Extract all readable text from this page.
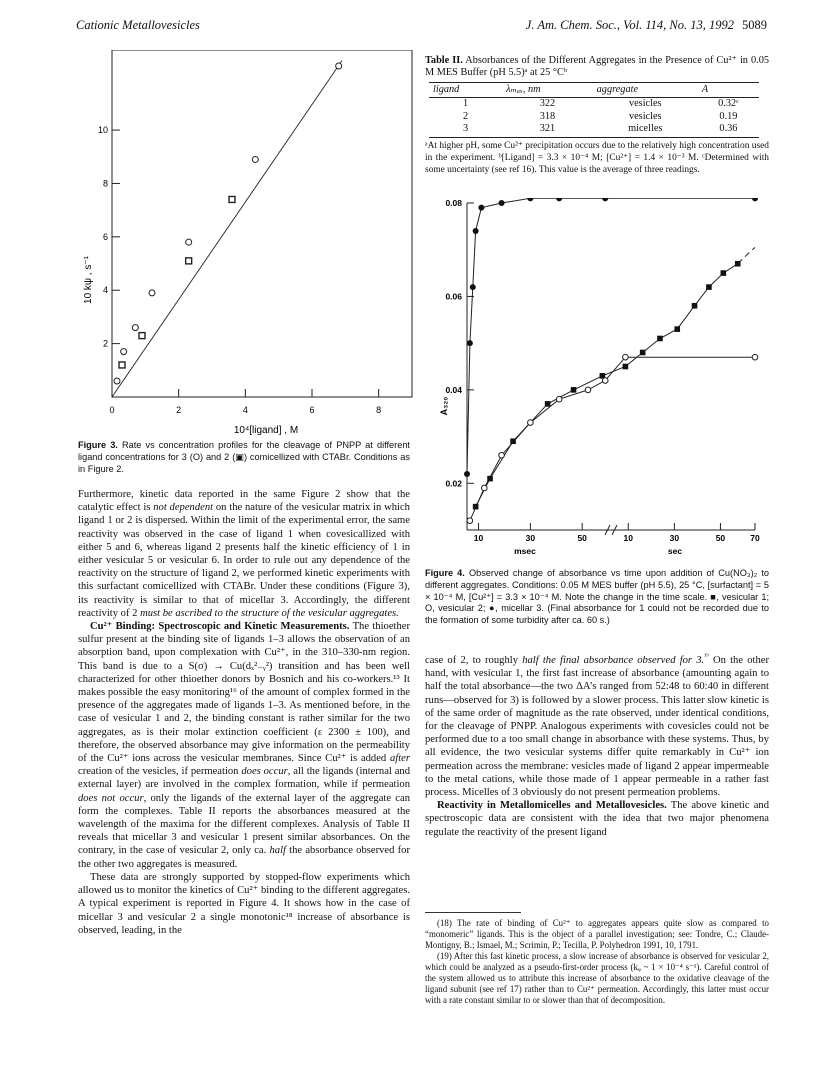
Cationic Metallovesicles	J. Am. Chem. Soc., Vol. 114, No. 13, 1992 5089
0	2	4	6	8
2
4
6
8
10
10 kψ , s⁻¹
10⁴[ligand] , M
Figure 3. Rate vs concentration profiles for the cleavage of PNPP at different ligand concentrations for 3 (O) and 2 (▣) comicellized with CTABr. Conditions as in Figure 2.

Furthermore, kinetic data reported in the same Figure 2 show that the catalytic effect is not dependent on the nature of the vesicular matrix in which ligand 1 or 2 is dispersed. Within the limit of the experimental error, the same reactivity was observed in the case of ligand 1 when covesicallized with either 5 and 6, whereas ligand 2 presents half the kinetic efficiency of 1 in either vesicular 5 or vesicular 6. In order to rule out any dependence of the reactivity on the structure of ligand 2, we performed kinetic experiments with this surfactant comicellized with CTABr. Under these conditions (Figure 3), its reactivity is similar to that of micellar 3. Accordingly, the different reactivity of 2 must be ascribed to the structure of the vesicular aggregates.

Cu²⁺ Binding: Spectroscopic and Kinetic Measurements. The thioether sulfur present at the binding site of ligands 1–3 allows the observation of an absorption band, upon complexation with Cu²⁺, in the 310–330-nm region. This band is due to a S(σ) → Cu(dₓ²₋ᵧ²) transition and has been well characterized for other thioether donors by Bosnich and his co-workers.¹³ It makes possible the easy monitoring¹⁶ of the amount of complex formed in the presence of the aggregates made of ligands 1–3. As mentioned before, in the case of vesicular 1 and 2, the binding constant is rather similar for the two aggregates, as is their molar extinction coefficient (ε 2300 ± 100), and therefore, the observed absorbance may give information on the permeability of the Cu²⁺ ions across the vesicular membranes. Since Cu²⁺ is added after creation of the vesicles, if permeation does occur, all the ligands (internal and external layer) are involved in the complex formation, while if permeation does not occur, only the ligands of the external layer of the aggregate can form the complexes. Table II reports the absorbances measured at the wavelength of the maxima for the different complexes. Analysis of Table II reveals that micellar 3 and vesicular 1 present similar absorbances. On the contrary, in the case of vesicular 2, only ca. half the absorbance observed for the other two aggregates is measured.

These data are strongly supported by stopped-flow experiments which allowed us to monitor the kinetics of Cu²⁺ binding to the different aggregates. A typical experiment is reported in Figure 4. It shows how in the case of micellar 3 and vesicular 2 a single monotonic¹⁸ increase of absorbance is observed, leading, in the

Table II. Absorbances of the Different Aggregates in the Presence of Cu²⁺ in 0.05 M MES Buffer (pH 5.5)ᵃ at 25 °Cᵇ
ligand	λₘₐₓ, nm	aggregate	A
1	322	vesicles	0.32ᶜ
2	318	vesicles	0.19
3	321	micelles	0.36
ᵃAt higher pH, some Cu²⁺ precipitation occurs due to the relatively high concentration used in the experiment. ᵇ[Ligand] = 3.3 × 10⁻⁴ M; [Cu²⁺] = 1.4 × 10⁻³ M. ᶜDetermined with some uncertainty (see ref 16). This value is the average of three readings.
0.02
0.04
0.06
0.08
10	30	50	10	30	50	70
A₃₂₀
msec	sec
Figure 4. Observed change of absorbance vs time upon addition of Cu(NO₃)₂ to different aggregates. Conditions: 0.05 M MES buffer (pH 5.5), 25 °C, [surfactant] = 5 × 10⁻⁴ M, [Cu²⁺] = 3.3 × 10⁻⁴ M. Note the change in the time scale. ■, vesicular 1; O, vesicular 2; ●, micellar 3. (Final absorbance for 1 could not be recorded due to the formation of some turbidity after ca. 60 s.)

case of 2, to roughly half the final absorbance observed for 3.$^{^{19}}$ On the other hand, with vesicular 1, the first fast increase of absorbance (amounting again to half the total absorbance—the two ΔA’s ranged from 52:48 to 60:40 in different runs—observed for 3) is followed by a slower process. This latter slow kinetic is of the same order of magnitude as the rate observed, under identical conditions, for the cleavage of PNPP. Analogous experiments with covesicles could not be performed due to a too small change in absorbance with these systems. Thus, by all evidence, the two vesicular systems differ quite remarkably in Cu²⁺ ion permeation across the membrane: vesicles made of ligand 2 appear impermeable to the metal cations, while those made of 1 appear permeable in a rather fast process. Micelles of 3 obviously do not present permeation problems.

Reactivity in Metallomicelles and Metallovesicles. The above kinetic and spectroscopic data are consistent with the idea that two major phenomena regulate the reactivity of the present ligand

(18) The rate of binding of Cu²⁺ to aggregates appears quite slow as compared to “monomeric” ligands. This is the object of a parallel investigation; see: Tondre, C.; Claude-Montigny, B.; Ismael, M.; Scrimin, P.; Tecilla, P. Polyhedron 1991, 10, 1791.

(19) After this fast kinetic process, a slow increase of absorbance is observed for vesicular 2, which could be analyzed as a pseudo-first-order process (kᵩ ~ 1 × 10⁻⁴ s⁻¹). Careful control of the system allowed us to attribute this increase of absorbance to the oxidative cleavage of the ligand subunit (see ref 17) rather than to Cu²⁺ permeation. Accordingly, this latter must occur with a rate constant similar to or slower than that of decomposition.
